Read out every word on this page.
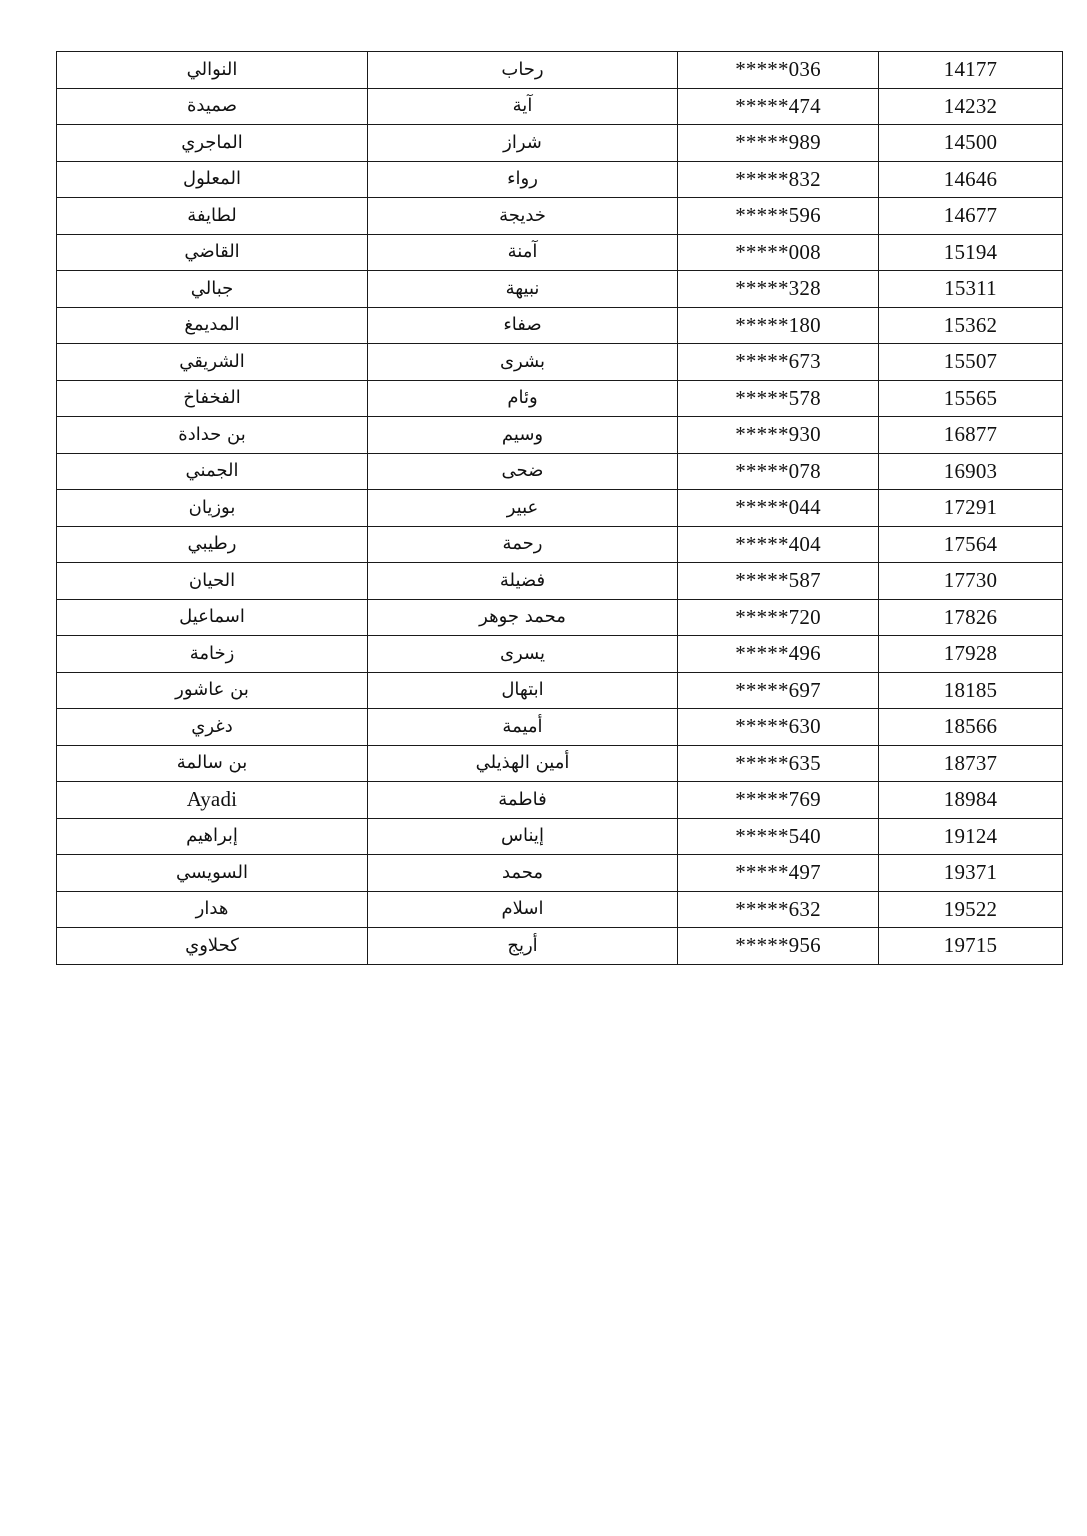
النوالي	رحاب	*****036	14177
صميدة	آية	*****474	14232
الماجري	شراز	*****989	14500
المعلول	رواء	*****832	14646
لطايفة	خديجة	*****596	14677
القاضي	آمنة	*****008	15194
جبالي	نبيهة	*****328	15311
المديمغ	صفاء	*****180	15362
الشريقي	بشرى	*****673	15507
الفخفاخ	وئام	*****578	15565
بن حدادة	وسيم	*****930	16877
الجمني	ضحى	*****078	16903
بوزيان	عبير	*****044	17291
رطيبي	رحمة	*****404	17564
الحيان	فضيلة	*****587	17730
اسماعيل	محمد جوهر	*****720	17826
زخامة	يسرى	*****496	17928
بن عاشور	ابتهال	*****697	18185
دغري	أميمة	*****630	18566
بن سالمة	أمين الهذيلي	*****635	18737
Ayadi	فاطمة	*****769	18984
إبراهيم	إيناس	*****540	19124
السويسي	محمد	*****497	19371
هدار	اسلام	*****632	19522
كحلاوي	أريج	*****956	19715
